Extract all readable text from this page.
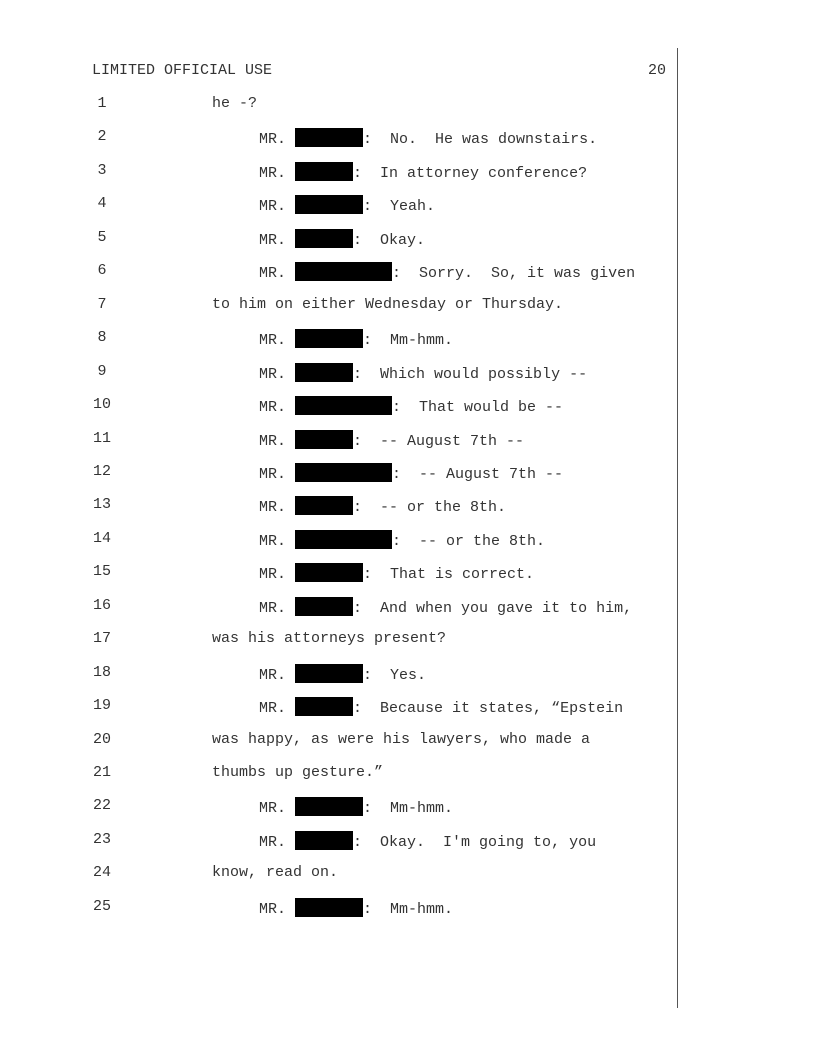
LIMITED OFFICIAL USE	20
1	he -?
2	MR.	:  No.  He was downstairs.
3	MR.	:  In attorney conference?
4	MR.	:  Yeah.
5	MR.	:  Okay.
6	MR.	:  Sorry.  So, it was given
7	to him on either Wednesday or Thursday.
8	MR.	:  Mm-hmm.
9	MR.	:  Which would possibly --
10	MR.	:  That would be --
11	MR.	:  -- August 7th --
12	MR.	:  -- August 7th --
13	MR.	:  -- or the 8th.
14	MR.	:  -- or the 8th.
15	MR.	:  That is correct.
16	MR.	:  And when you gave it to him,
17	was his attorneys present?
18	MR.	:  Yes.
19	MR.	:  Because it states, “Epstein
20	was happy, as were his lawyers, who made a
21	thumbs up gesture.”
22	MR.	:  Mm-hmm.
23	MR.	:  Okay.  I'm going to, you
24	know, read on.
25	MR.	:  Mm-hmm.
